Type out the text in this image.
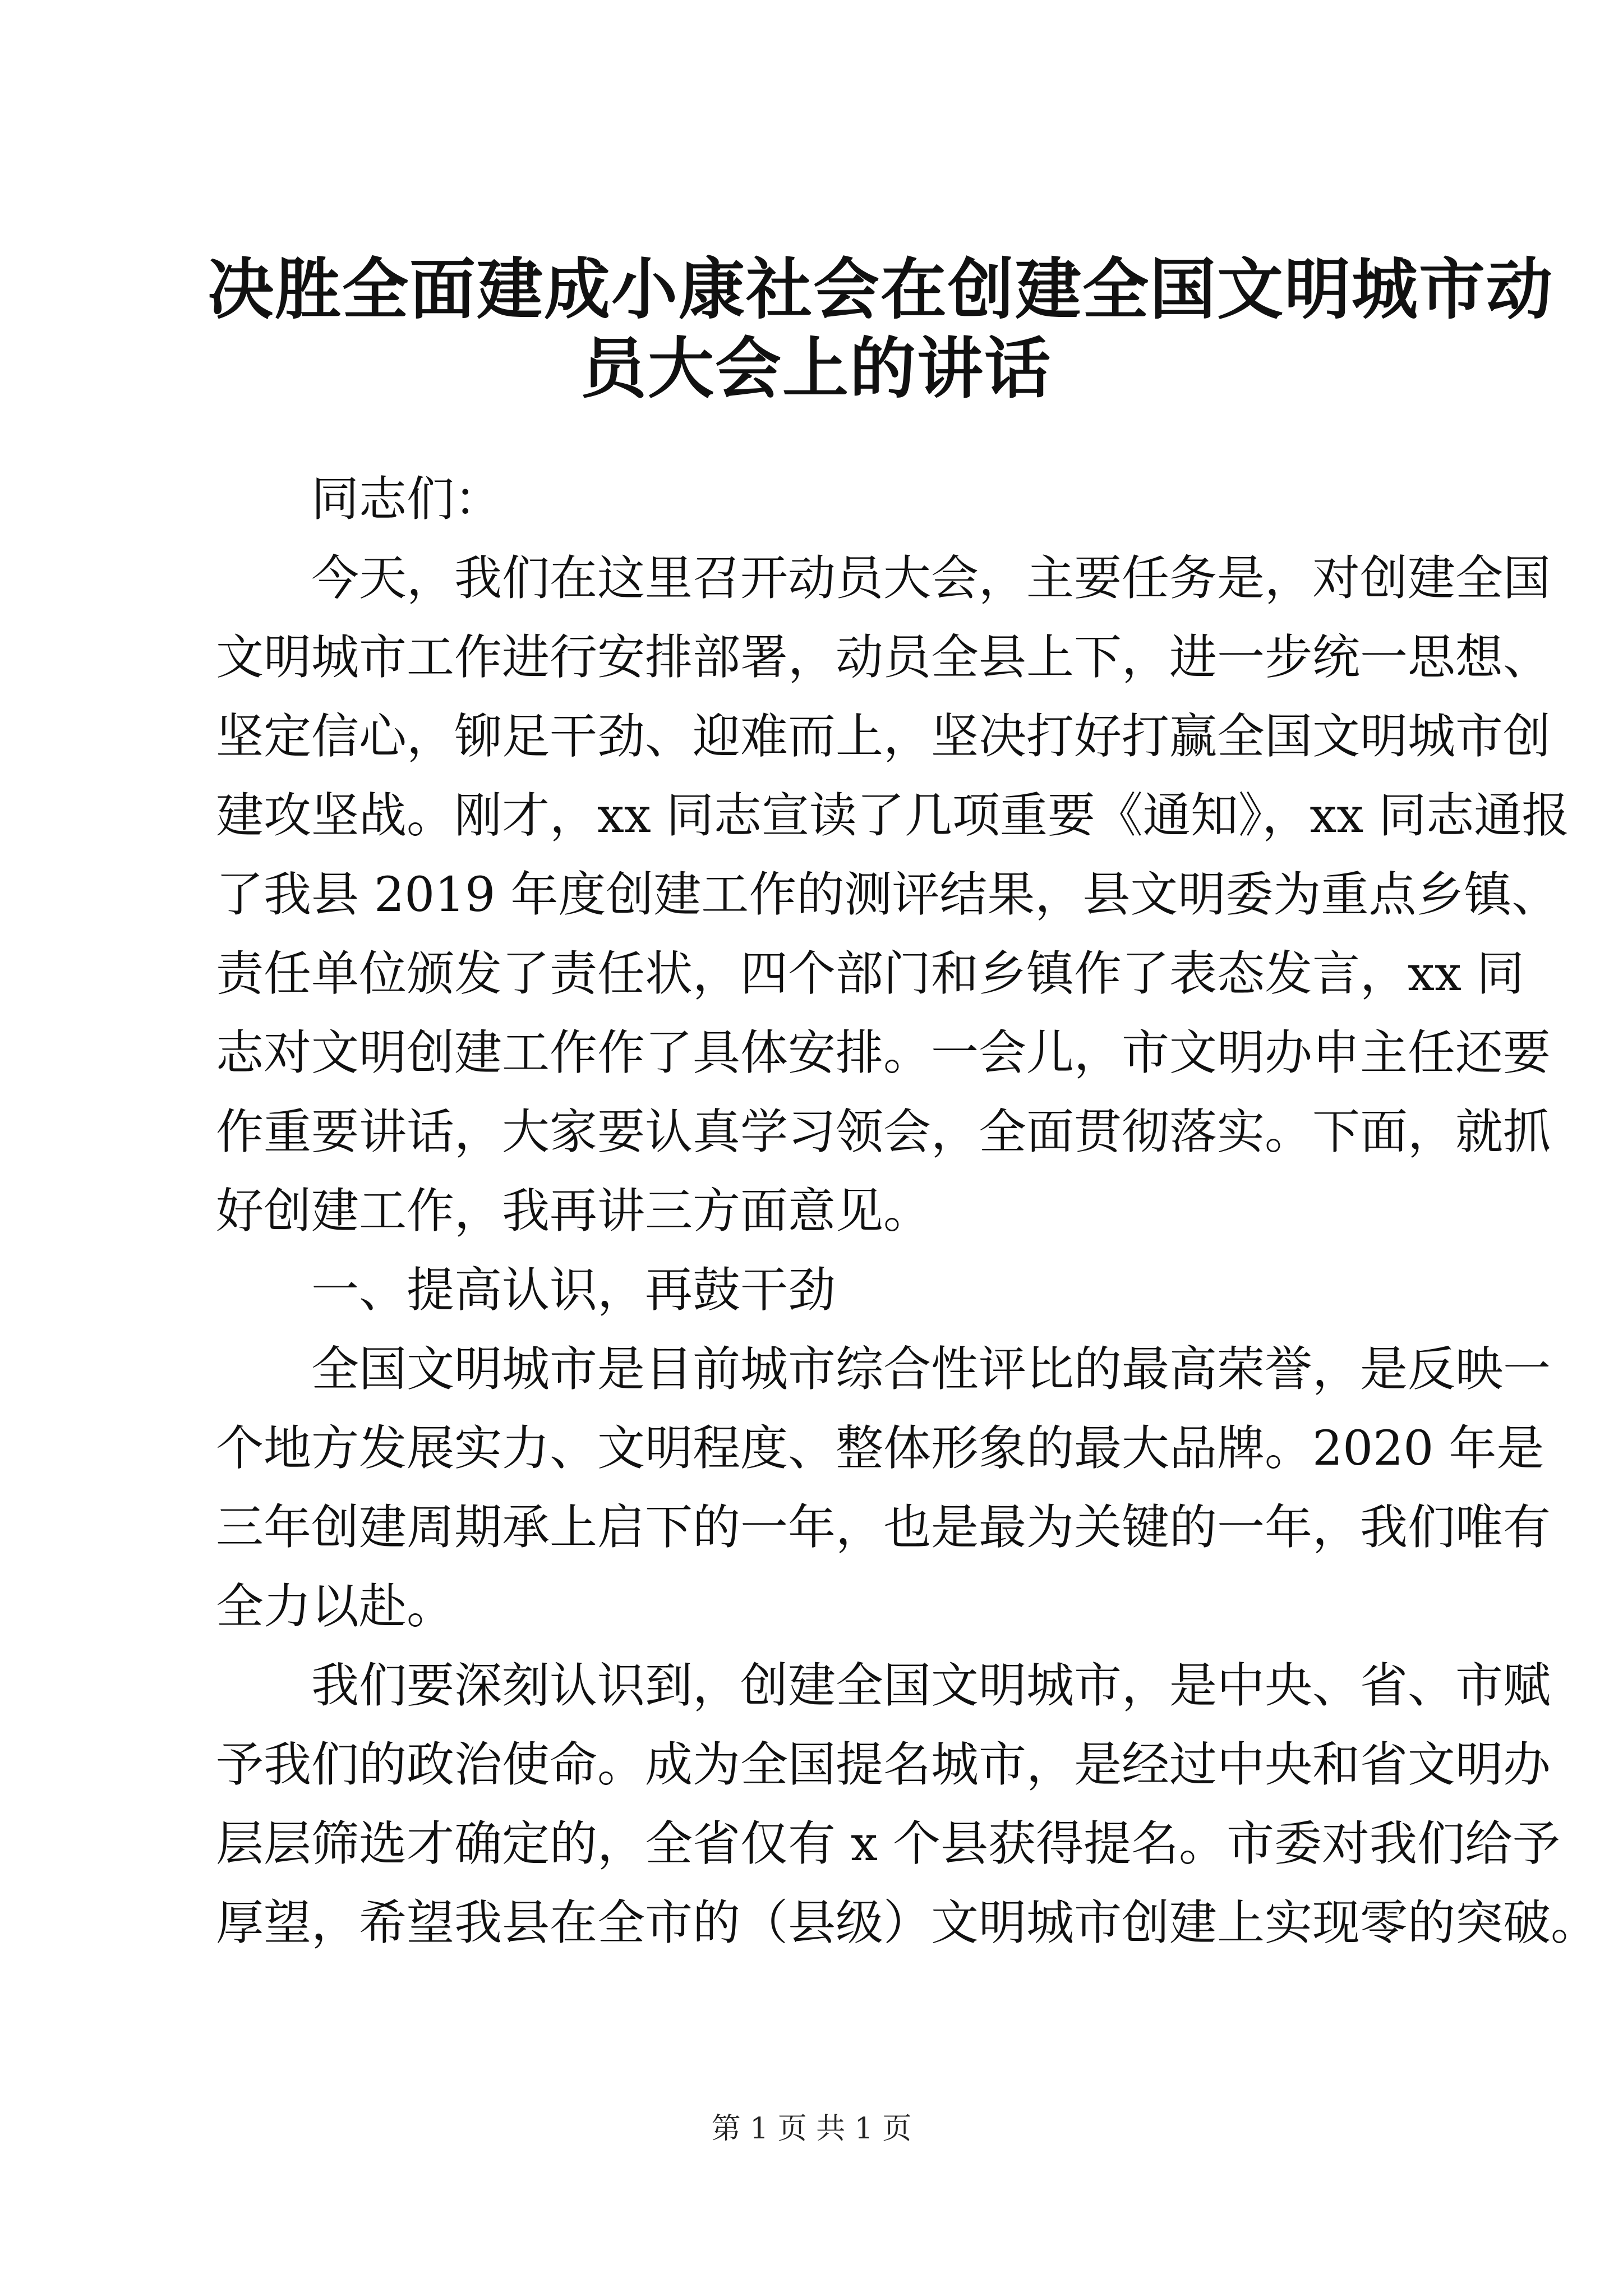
决胜全面建成小康社会在创建全国文明城市动
员大会上的讲话
同志们：
今天，我们在这里召开动员大会，主要任务是，对创建全国
文明城市工作进行安排部署，动员全县上下，进一步统一思想、
坚定信心，铆足干劲、迎难而上，坚决打好打赢全国文明城市创
建攻坚战。刚才，xx 同志宣读了几项重要《通知》，xx 同志通报
了我县 2019 年度创建工作的测评结果，县文明委为重点乡镇、
责任单位颁发了责任状，四个部门和乡镇作了表态发言，xx 同
志对文明创建工作作了具体安排。一会儿，市文明办申主任还要
作重要讲话，大家要认真学习领会，全面贯彻落实。下面，就抓
好创建工作，我再讲三方面意见。
一、提高认识，再鼓干劲
全国文明城市是目前城市综合性评比的最高荣誉，是反映一
个地方发展实力、文明程度、整体形象的最大品牌。2020 年是
三年创建周期承上启下的一年，也是最为关键的一年，我们唯有
全力以赴。
我们要深刻认识到，创建全国文明城市，是中央、省、市赋
予我们的政治使命。成为全国提名城市，是经过中央和省文明办
层层筛选才确定的，全省仅有 x 个县获得提名。市委对我们给予
厚望，希望我县在全市的（县级）文明城市创建上实现零的突破。
第 1 页 共 1 页
